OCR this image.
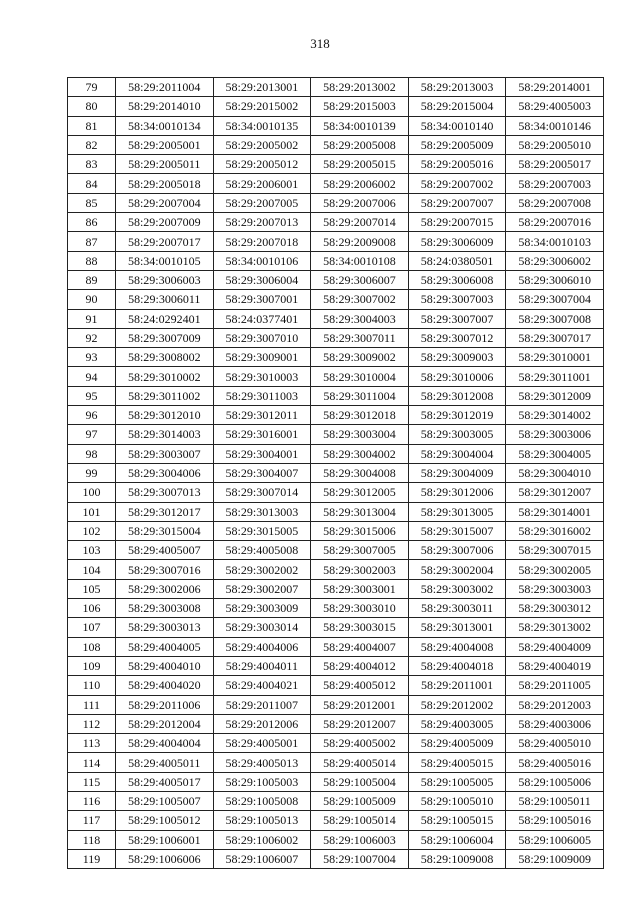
318
79	58:29:2011004	58:29:2013001	58:29:2013002	58:29:2013003	58:29:2014001
80	58:29:2014010	58:29:2015002	58:29:2015003	58:29:2015004	58:29:4005003
81	58:34:0010134	58:34:0010135	58:34:0010139	58:34:0010140	58:34:0010146
82	58:29:2005001	58:29:2005002	58:29:2005008	58:29:2005009	58:29:2005010
83	58:29:2005011	58:29:2005012	58:29:2005015	58:29:2005016	58:29:2005017
84	58:29:2005018	58:29:2006001	58:29:2006002	58:29:2007002	58:29:2007003
85	58:29:2007004	58:29:2007005	58:29:2007006	58:29:2007007	58:29:2007008
86	58:29:2007009	58:29:2007013	58:29:2007014	58:29:2007015	58:29:2007016
87	58:29:2007017	58:29:2007018	58:29:2009008	58:29:3006009	58:34:0010103
88	58:34:0010105	58:34:0010106	58:34:0010108	58:24:0380501	58:29:3006002
89	58:29:3006003	58:29:3006004	58:29:3006007	58:29:3006008	58:29:3006010
90	58:29:3006011	58:29:3007001	58:29:3007002	58:29:3007003	58:29:3007004
91	58:24:0292401	58:24:0377401	58:29:3004003	58:29:3007007	58:29:3007008
92	58:29:3007009	58:29:3007010	58:29:3007011	58:29:3007012	58:29:3007017
93	58:29:3008002	58:29:3009001	58:29:3009002	58:29:3009003	58:29:3010001
94	58:29:3010002	58:29:3010003	58:29:3010004	58:29:3010006	58:29:3011001
95	58:29:3011002	58:29:3011003	58:29:3011004	58:29:3012008	58:29:3012009
96	58:29:3012010	58:29:3012011	58:29:3012018	58:29:3012019	58:29:3014002
97	58:29:3014003	58:29:3016001	58:29:3003004	58:29:3003005	58:29:3003006
98	58:29:3003007	58:29:3004001	58:29:3004002	58:29:3004004	58:29:3004005
99	58:29:3004006	58:29:3004007	58:29:3004008	58:29:3004009	58:29:3004010
100	58:29:3007013	58:29:3007014	58:29:3012005	58:29:3012006	58:29:3012007
101	58:29:3012017	58:29:3013003	58:29:3013004	58:29:3013005	58:29:3014001
102	58:29:3015004	58:29:3015005	58:29:3015006	58:29:3015007	58:29:3016002
103	58:29:4005007	58:29:4005008	58:29:3007005	58:29:3007006	58:29:3007015
104	58:29:3007016	58:29:3002002	58:29:3002003	58:29:3002004	58:29:3002005
105	58:29:3002006	58:29:3002007	58:29:3003001	58:29:3003002	58:29:3003003
106	58:29:3003008	58:29:3003009	58:29:3003010	58:29:3003011	58:29:3003012
107	58:29:3003013	58:29:3003014	58:29:3003015	58:29:3013001	58:29:3013002
108	58:29:4004005	58:29:4004006	58:29:4004007	58:29:4004008	58:29:4004009
109	58:29:4004010	58:29:4004011	58:29:4004012	58:29:4004018	58:29:4004019
110	58:29:4004020	58:29:4004021	58:29:4005012	58:29:2011001	58:29:2011005
111	58:29:2011006	58:29:2011007	58:29:2012001	58:29:2012002	58:29:2012003
112	58:29:2012004	58:29:2012006	58:29:2012007	58:29:4003005	58:29:4003006
113	58:29:4004004	58:29:4005001	58:29:4005002	58:29:4005009	58:29:4005010
114	58:29:4005011	58:29:4005013	58:29:4005014	58:29:4005015	58:29:4005016
115	58:29:4005017	58:29:1005003	58:29:1005004	58:29:1005005	58:29:1005006
116	58:29:1005007	58:29:1005008	58:29:1005009	58:29:1005010	58:29:1005011
117	58:29:1005012	58:29:1005013	58:29:1005014	58:29:1005015	58:29:1005016
118	58:29:1006001	58:29:1006002	58:29:1006003	58:29:1006004	58:29:1006005
119	58:29:1006006	58:29:1006007	58:29:1007004	58:29:1009008	58:29:1009009
